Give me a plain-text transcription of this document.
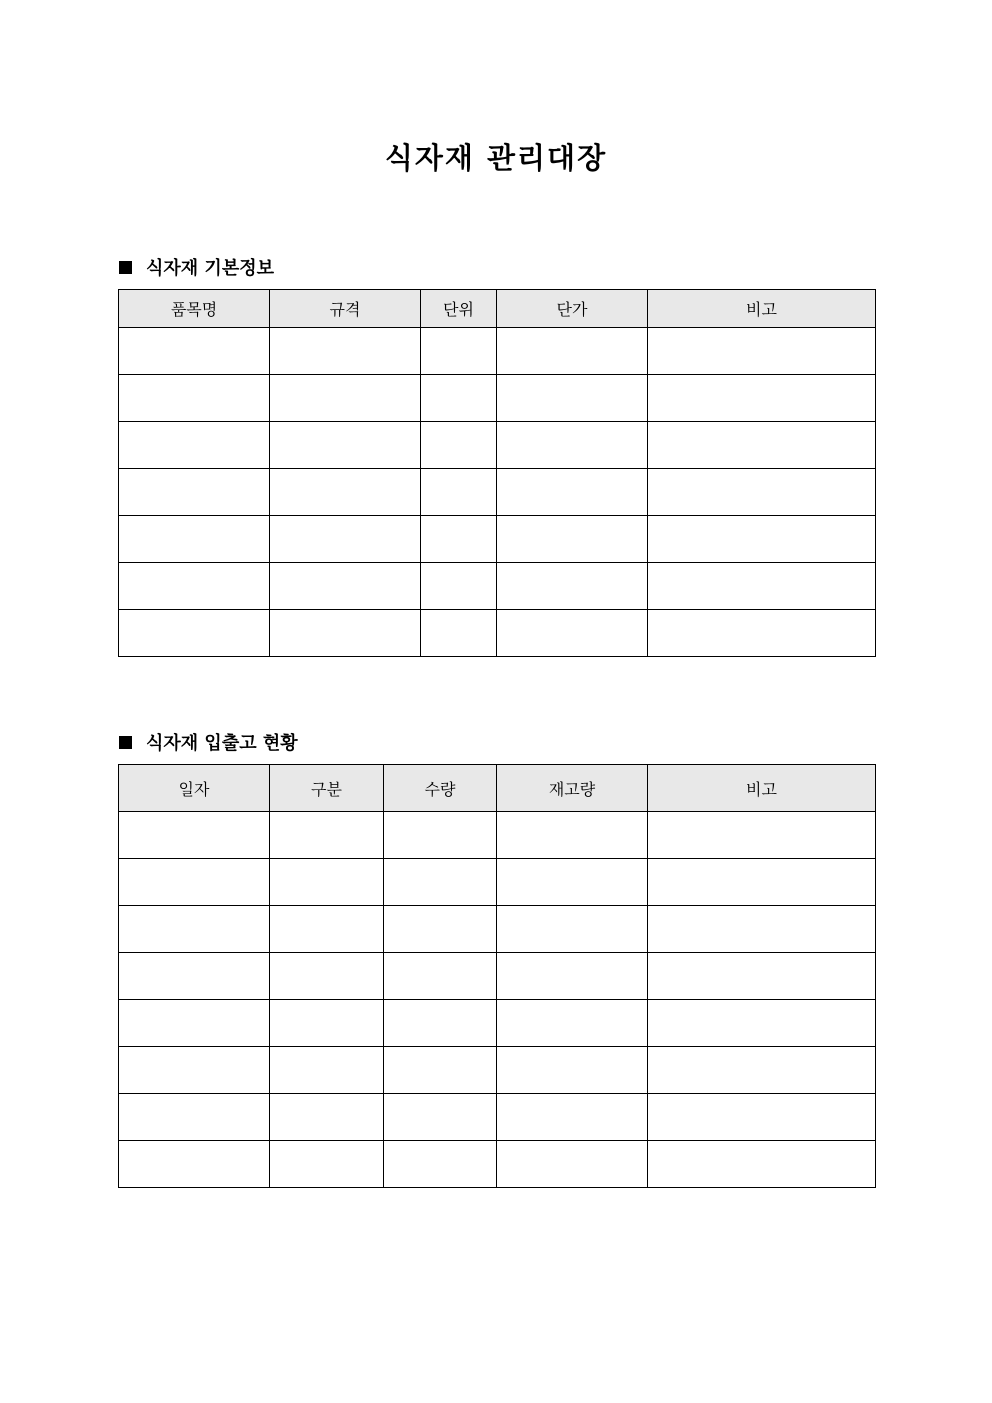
식자재 관리대장
식자재 기본정보
품목명	규격	단위	단가	비고

식자재 입출고 현황
일자	구분	수량	재고량	비고
